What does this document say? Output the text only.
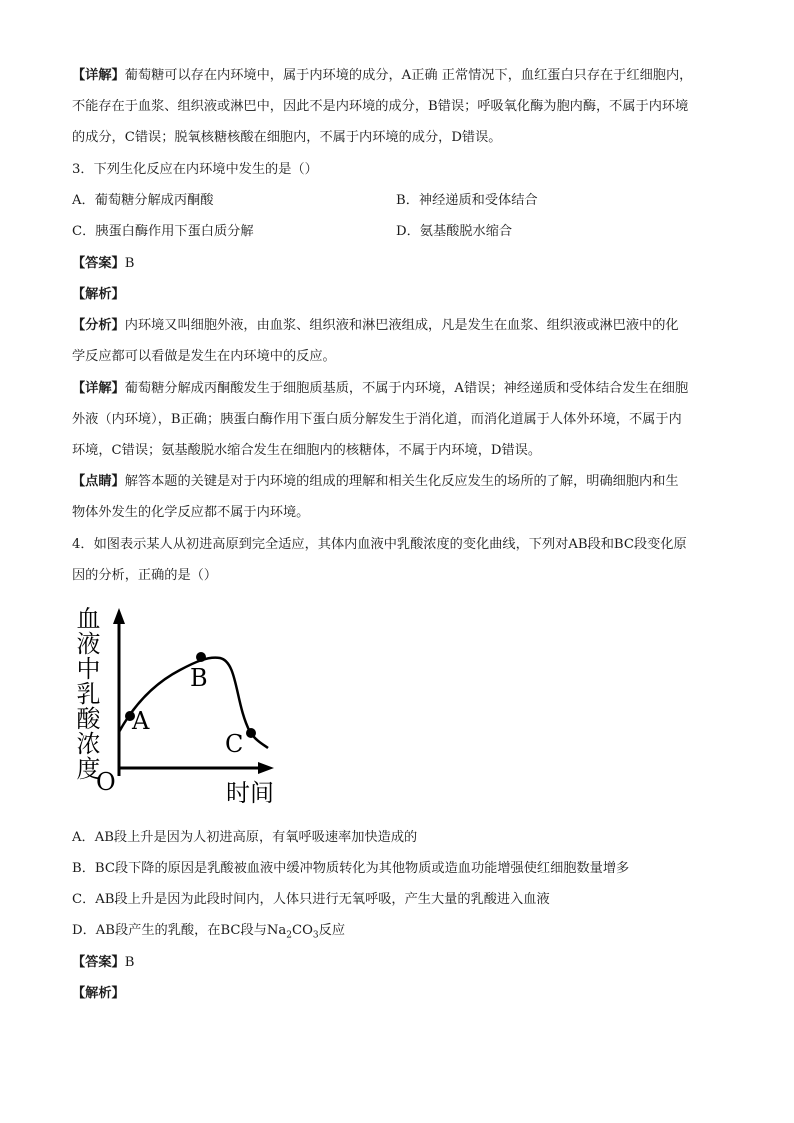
【详解】葡萄糖可以存在内环境中，属于内环境的成分，A正确 正常情况下，血红蛋白只存在于红细胞内，
不能存在于血浆、组织液或淋巴中，因此不是内环境的成分，B错误；呼吸氧化酶为胞内酶，不属于内环境
的成分，C错误；脱氧核糖核酸在细胞内，不属于内环境的成分，D错误。
3．下列生化反应在内环境中发生的是（）
A．葡萄糖分解成丙酮酸	B．神经递质和受体结合
C．胰蛋白酶作用下蛋白质分解	D．氨基酸脱水缩合
【答案】B
【解析】
【分析】内环境又叫细胞外液，由血浆、组织液和淋巴液组成，凡是发生在血浆、组织液或淋巴液中的化
学反应都可以看做是发生在内环境中的反应。
【详解】葡萄糖分解成丙酮酸发生于细胞质基质，不属于内环境，A错误；神经递质和受体结合发生在细胞
外液（内环境），B正确；胰蛋白酶作用下蛋白质分解发生于消化道，而消化道属于人体外环境，不属于内
环境，C错误；氨基酸脱水缩合发生在细胞内的核糖体，不属于内环境，D错误。
【点睛】解答本题的关键是对于内环境的组成的理解和相关生化反应发生的场所的了解，明确细胞内和生
物体外发生的化学反应都不属于内环境。
4．如图表示某人从初进高原到完全适应，其体内血液中乳酸浓度的变化曲线，下列对AB段和BC段变化原
因的分析，正确的是（）
A
B
C
O	时间
血液中乳酸浓度
A．AB段上升是因为人初进高原，有氧呼吸速率加快造成的
B．BC段下降的原因是乳酸被血液中缓冲物质转化为其他物质或造血功能增强使红细胞数量增多
C．AB段上升是因为此段时间内，人体只进行无氧呼吸，产生大量的乳酸进入血液
D．AB段产生的乳酸，在BC段与$Na_2CO_3$反应
【答案】B
【解析】
